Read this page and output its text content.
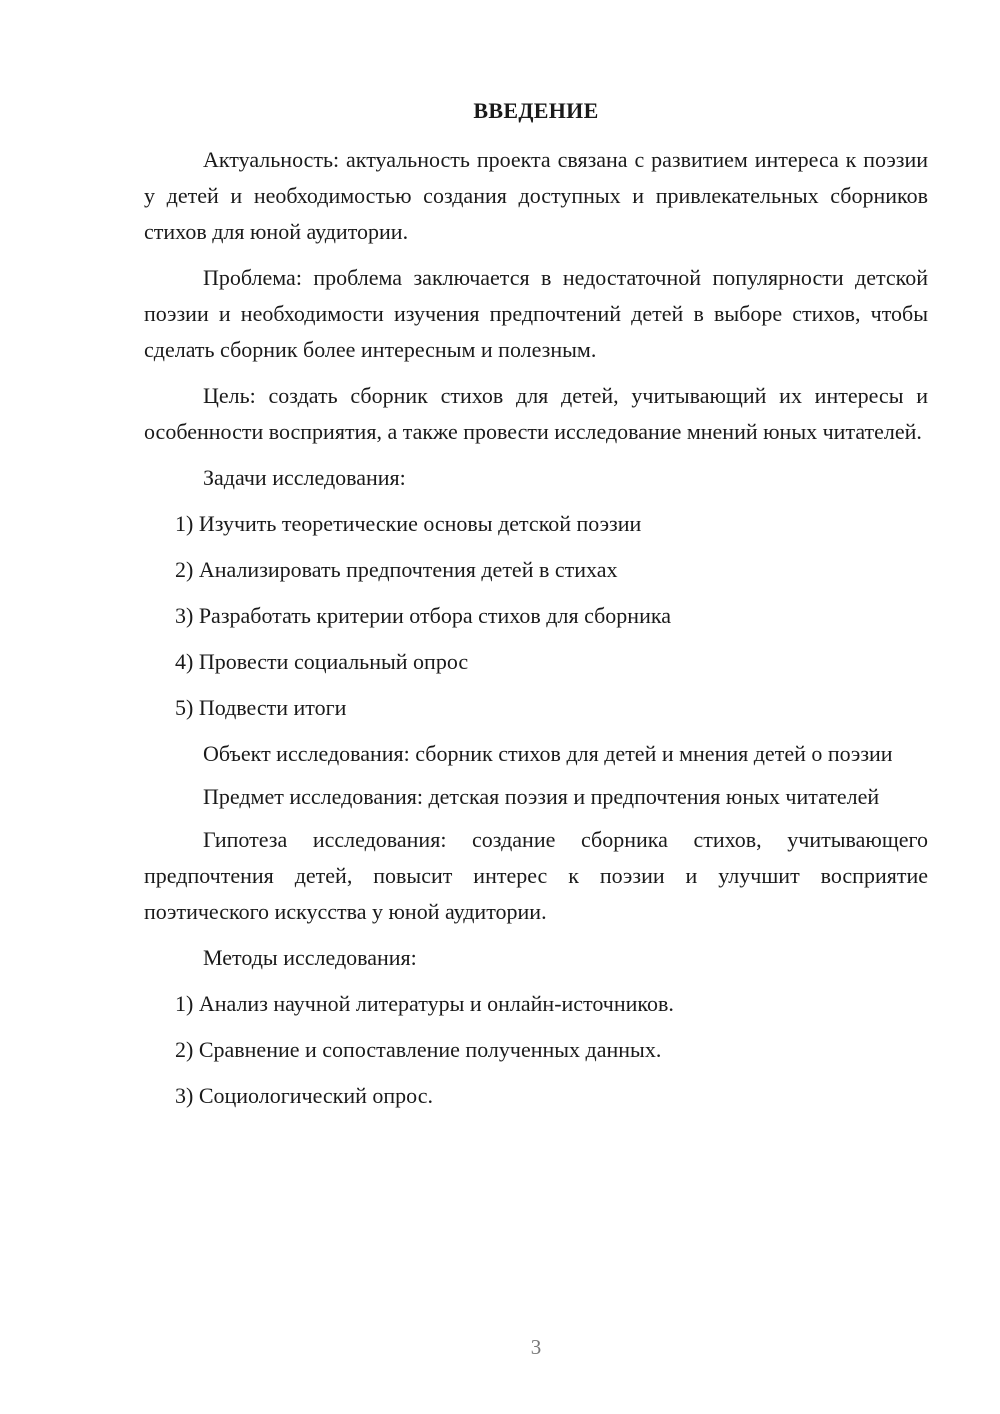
ВВЕДЕНИЕ

Актуальность: актуальность проекта связана с развитием интереса к поэзии у детей и необходимостью создания доступных и привлекательных сборников стихов для юной аудитории.

Проблема: проблема заключается в недостаточной популярности детской поэзии и необходимости изучения предпочтений детей в выборе стихов, чтобы сделать сборник более интересным и полезным.

Цель: создать сборник стихов для детей, учитывающий их интересы и особенности восприятия, а также провести исследование мнений юных читателей.

Задачи исследования:

1) Изучить теоретические основы детской поэзии

2) Анализировать предпочтения детей в стихах

3) Разработать критерии отбора стихов для сборника

4) Провести социальный опрос

5) Подвести итоги

Объект исследования: сборник стихов для детей и мнения детей о поэзии

Предмет исследования: детская поэзия и предпочтения юных читателей

Гипотеза исследования: создание сборника стихов, учитывающего предпочтения детей, повысит интерес к поэзии и улучшит восприятие поэтического искусства у юной аудитории.

Методы исследования:

1) Анализ научной литературы и онлайн-источников.

2) Сравнение и сопоставление полученных данных.

3) Социологический опрос.

3
